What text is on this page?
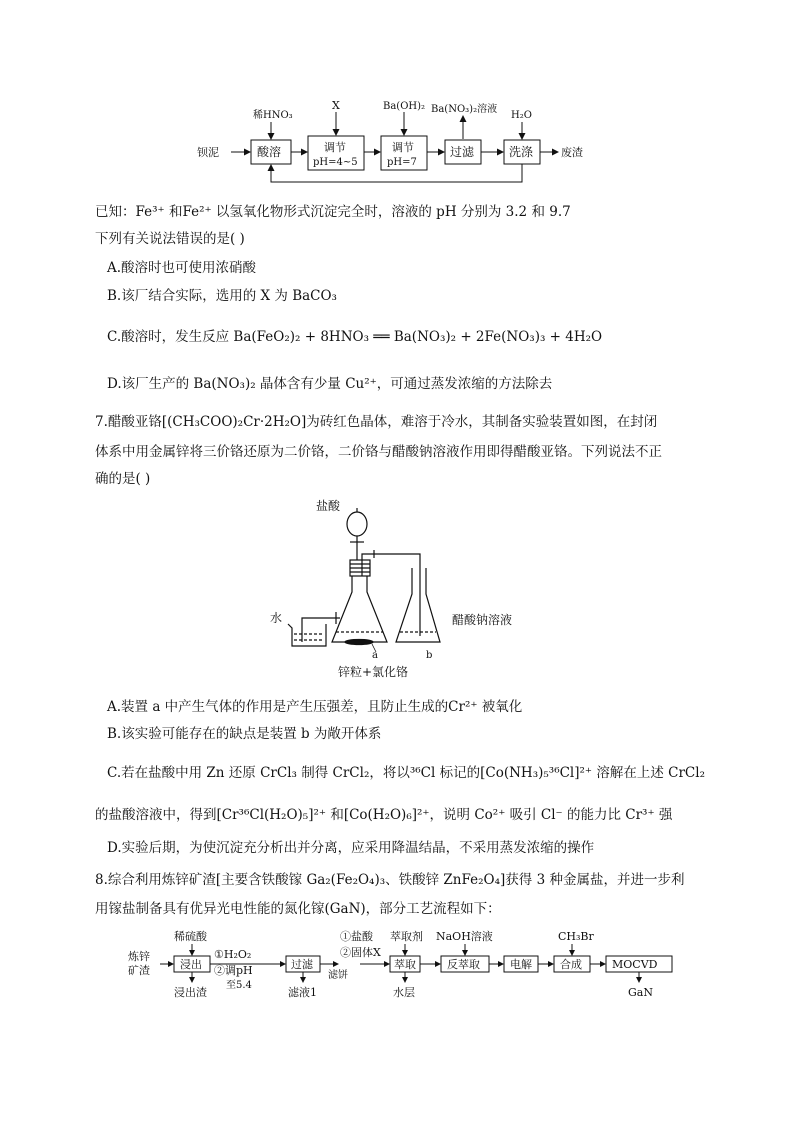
钡泥	废渣
稀HNO₃
X	Ba(OH)₂ Ba(NO₃)₂溶液
H₂O
酸溶	调节
pH=4~5
调节
pH=7
过滤	洗涤
已知：Fe³⁺ 和Fe²⁺ 以氢氧化物形式沉淀完全时，溶液的 pH 分别为 3.2 和 9.7
下列有关说法错误的是( )
A.酸溶时也可使用浓硝酸
B.该厂结合实际，选用的 X 为 BaCO₃
C.酸溶时，发生反应 Ba(FeO₂)₂ + 8HNO₃ ══ Ba(NO₃)₂ + 2Fe(NO₃)₃ + 4H₂O
D.该厂生产的 Ba(NO₃)₂ 晶体含有少量 Cu²⁺，可通过蒸发浓缩的方法除去
7.醋酸亚铬[(CH₃COO)₂Cr·2H₂O]为砖红色晶体，难溶于冷水，其制备实验装置如图，在封闭
体系中用金属锌将三价铬还原为二价铬，二价铬与醋酸钠溶液作用即得醋酸亚铬。下列说法不正
确的是( )
盐酸
水	醋酸钠溶液
a	b
锌粒+氯化铬
A.装置 a 中产生气体的作用是产生压强差，且防止生成的Cr²⁺ 被氧化
B.该实验可能存在的缺点是装置 b 为敞开体系
C.若在盐酸中用 Zn 还原 CrCl₃ 制得 CrCl₂，将以³⁶Cl 标记的[Co(NH₃)₅³⁶Cl]²⁺ 溶解在上述 CrCl₂
的盐酸溶液中，得到[Cr³⁶Cl(H₂O)₅]²⁺ 和[Co(H₂O)₆]²⁺，说明 Co²⁺ 吸引 Cl⁻ 的能力比 Cr³⁺ 强
D.实验后期，为使沉淀充分析出并分离，应采用降温结晶，不采用蒸发浓缩的操作
8.综合利用炼锌矿渣[主要含铁酸镓 Ga₂(Fe₂O₄)₃、铁酸锌 ZnFe₂O₄]获得 3 种金属盐，并进一步利
用镓盐制备具有优异光电性能的氮化镓(GaN)，部分工艺流程如下：
炼锌
矿渣
稀硫酸
①H₂O₂
②调pH
至5.4
①盐酸
②固体X
萃取剂 NaOH溶液	CH₃Br
浸出	过滤
滤饼
萃取	反萃取	电解	合成	MOCVD
浸出渣	滤液1	水层	GaN
